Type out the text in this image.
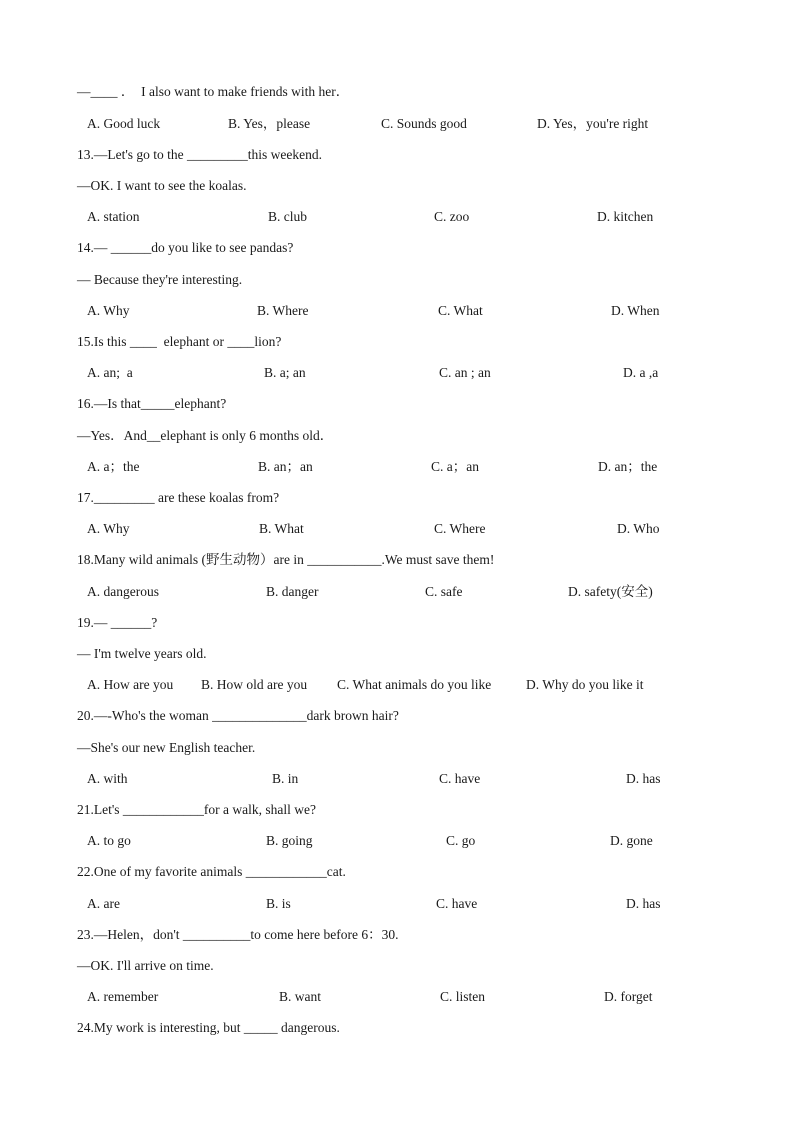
—____ ．  I also want to make friends with her．
A. Good luck	B. Yes，please	C. Sounds good	D. Yes，you're right
13.—Let's go to the _________this weekend.
—OK. I want to see the koalas.
A. station	B. club	C. zoo	D. kitchen
14.— ______do you like to see pandas?
— Because they're interesting.
A. Why	B. Where	C. What	D. When
15.Is this ____  elephant or ____lion?
A. an;  a	B. a; an	C. an ; an	D. a ,a
16.—Is that_____elephant?
—Yes．And__elephant is only 6 months old．
A. a；the	B. an；an	C. a；an	D. an；the
17._________ are these koalas from?
A. Why	B. What	C. Where	D. Who
18.Many wild animals (野生动物）are in ___________.We must save them!
A. dangerous	B. danger	C. safe	D. safety(安全)
19.— ______?
— I'm twelve years old.
A. How are you B. How old are you C. What animals do you like	D. Why do you like it
20.—-Who's the woman ______________dark brown hair?
—She's our new English teacher.
A. with	B. in	C. have	D. has
21.Let's ____________for a walk, shall we?
A. to go	B. going	C. go	D. gone
22.One of my favorite animals ____________cat.
A. are	B. is	C. have	D. has
23.—Helen，don't __________to come here before 6：30.
—OK. I'll arrive on time.
A. remember	B. want	C. listen	D. forget
24.My work is interesting, but _____ dangerous.
